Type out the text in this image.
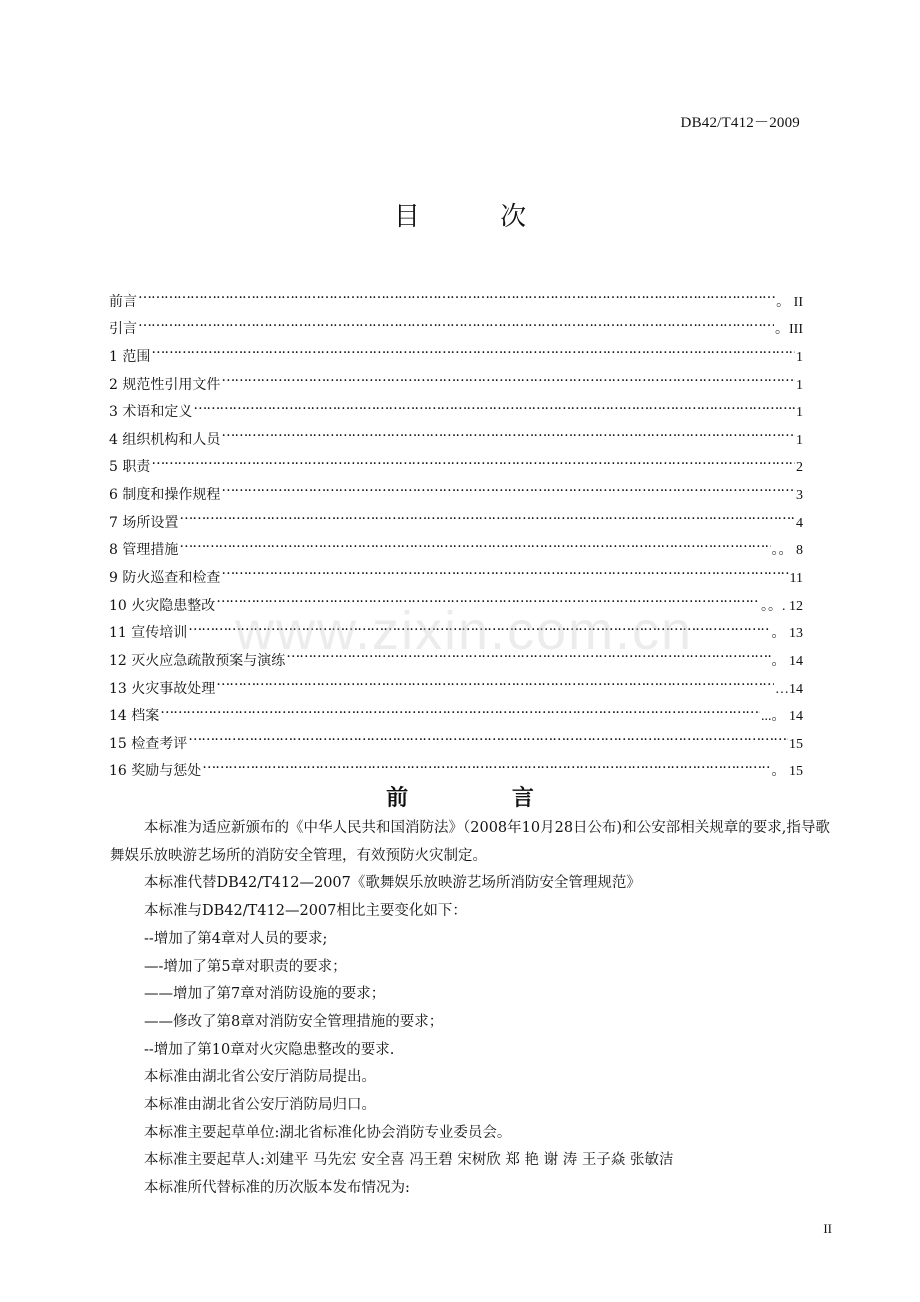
DB42/T412－2009
目 次
前言 …………………………………………………………………………………………………………………………………………………………………………………………………………………	。 II
引言 …………………………………………………………………………………………………………………………………………………………………………………………………………………	。III
1 范围 …………………………………………………………………………………………………………………………………………………………………………………………………………………	1
2 规范性引用文件 …………………………………………………………………………………………………………………………………………………………………………………………………………………	1
3 术语和定义 …………………………………………………………………………………………………………………………………………………………………………………………………………………	1
4 组织机构和人员 …………………………………………………………………………………………………………………………………………………………………………………………………………………	1
5 职责 …………………………………………………………………………………………………………………………………………………………………………………………………………………	2
6 制度和操作规程 …………………………………………………………………………………………………………………………………………………………………………………………………………………	3
7 场所设置 …………………………………………………………………………………………………………………………………………………………………………………………………………………	4
8 管理措施 …………………………………………………………………………………………………………………………………………………………………………………………………………………	。。 8
9 防火巡查和检查 …………………………………………………………………………………………………………………………………………………………………………………………………………………	11
10 火灾隐患整改 …………………………………………………………………………………………………………………………………………………………………………………………………………………	。。. 12
11 宣传培训 …………………………………………………………………………………………………………………………………………………………………………………………………………………	。 13
12 灭火应急疏散预案与演练 …………………………………………………………………………………………………………………………………………………………………………………………………………………	。 14
13 火灾事故处理 …………………………………………………………………………………………………………………………………………………………………………………………………………………	…14
14 档案 …………………………………………………………………………………………………………………………………………………………………………………………………………………	...。 14
15 检查考评 …………………………………………………………………………………………………………………………………………………………………………………………………………………	15
16 奖励与惩处 …………………………………………………………………………………………………………………………………………………………………………………………………………………	。 15
www.zixin.com.cn
前 言

本标准为适应新颁布的《中华人民共和国消防法》（2008年10月28日公布)和公安部相关规章的要求,指导歌舞娱乐放映游艺场所的消防安全管理，有效预防火灾制定。

本标准代替DB42/T412—2007《歌舞娱乐放映游艺场所消防安全管理规范》

本标准与DB42/T412—2007相比主要变化如下：

--增加了第4章对人员的要求;

—-增加了第5章对职责的要求；

——增加了第7章对消防设施的要求；

——修改了第8章对消防安全管理措施的要求；

--增加了第10章对火灾隐患整改的要求.

本标准由湖北省公安厅消防局提出。

本标准由湖北省公安厅消防局归口。

本标准主要起草单位:湖北省标准化协会消防专业委员会。

本标准主要起草人:刘建平 马先宏 安全喜 冯王碧 宋树欣 郑 艳 谢 涛 王子焱 张敏洁

本标准所代替标准的历次版本发布情况为:

II
